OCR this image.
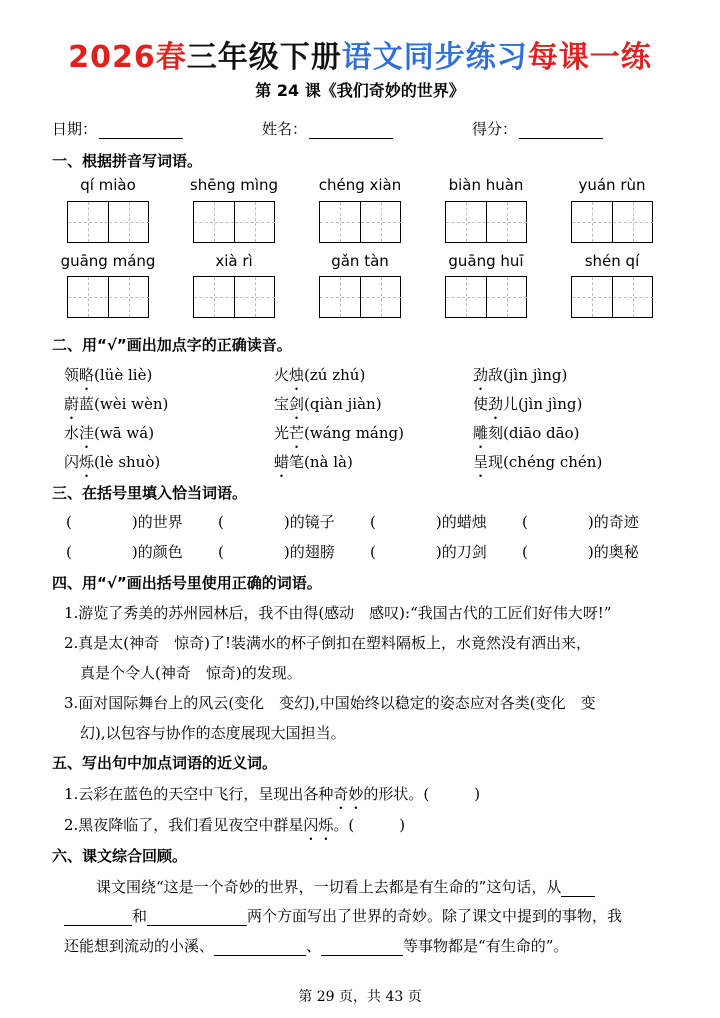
2026春三年级下册语文同步练习每课一练
第 24 课《我们奇妙的世界》
日期：	姓名：	得分：
一、根据拼音写词语。
qí miào	shēng mìng	chéng xiàn	biàn huàn	yuán rùn
guāng máng	xià rì	gǎn tàn	guāng huī	shén qí
二、用“√”画出加点字的正确读音。
领略(lüè liè)	火烛(zú zhú)	劲敌(jìn jìng)
蔚蓝(wèi wèn)	宝剑(qiàn jiàn)	使劲儿(jìn jìng)
水洼(wā wá)	光芒(wáng máng)	雕刻(diāo dāo)
闪烁(lè shuò)	蜡笔(nà là)	呈现(chéng chén)
三、在括号里填入恰当词语。
(　　　　)的世界 (　　　　)的镜子 (　　　　)的蜡烛 (　　　　)的奇迹
(　　　　)的颜色 (　　　　)的翅膀 (　　　　)的刀剑 (　　　　)的奥秘
四、用“√”画出括号里使用正确的词语。
1.游览了秀美的苏州园林后，我不由得(感动　感叹):“我国古代的工匠们好伟大呀!”
2.真是太(神奇　惊奇)了!装满水的杯子倒扣在塑料隔板上，水竟然没有洒出来，
真是个令人(神奇　惊奇)的发现。
3.面对国际舞台上的风云(变化　变幻),中国始终以稳定的姿态应对各类(变化　变
幻),以包容与协作的态度展现大国担当。
五、写出句中加点词语的近义词。
1.云彩在蓝色的天空中飞行，呈现出各种奇妙的形状。(　　　)
2.黑夜降临了，我们看见夜空中群星闪烁。(　　　)
六、课文综合回顾。
课文围绕“这是一个奇妙的世界，一切看上去都是有生命的”这句话，从
和	两个方面写出了世界的奇妙。除了课文中提到的事物，我
还能想到流动的小溪、	、	等事物都是“有生命的”。
第 29 页，共 43 页
